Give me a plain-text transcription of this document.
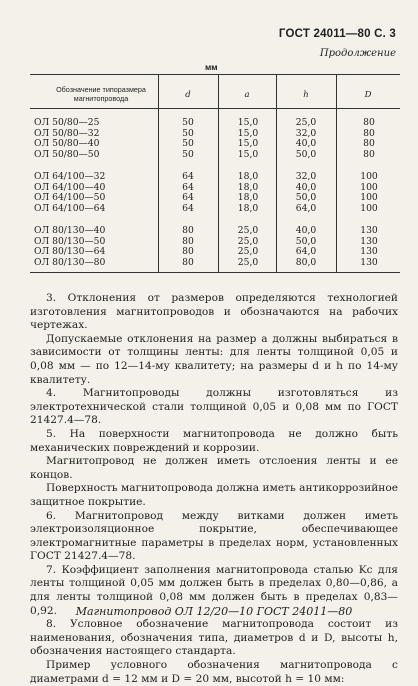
ГОСТ 24011—80 С. 3
Продолжение
мм
Обозначение типоразмера магнитопровода	d	a	h	D
ОЛ 50/80—25	50	15,0	25,0	80
ОЛ 50/80—32	50	15,0	32,0	80
ОЛ 50/80—40	50	15,0	40,0	80
ОЛ 50/80—50	50	15,0	50,0	80
ОЛ 64/100—32	64	18,0	32,0	100
ОЛ 64/100—40	64	18,0	40,0	100
ОЛ 64/100—50	64	18,0	50,0	100
ОЛ 64/100—64	64	18,0	64,0	100
ОЛ 80/130—40	80	25,0	40,0	130
ОЛ 80/130—50	80	25,0	50,0	130
ОЛ 80/130—64	80	25,0	64,0	130
ОЛ 80/130—80	80	25,0	80,0	130

3. Отклонения от размеров определяются технологией изготовления магнитопроводов и обозначаются на рабочих чертежах.

Допускаемые отклонения на размер a должны выбираться в зависимости от толщины ленты: для ленты толщиной 0,05 и 0,08 мм — по 12—14-му квалитету; на размеры d и h по 14-му квалитету.

4. Магнитопроводы должны изготовляться из электротехнической стали толщиной 0,05 и 0,08 мм по ГОСТ 21427.4—78.

5. На поверхности магнитопровода не должно быть механических повреждений и коррозии.

Магнитопровод не должен иметь отслоения ленты и ее концов.

Поверхность магнитопровода должна иметь антикоррозийное защитное покрытие.

6. Магнитопровод между витками должен иметь электроизоляционное покрытие, обеспечивающее электромагнитные параметры в пределах норм, установленных ГОСТ 21427.4—78.

7. Коэффициент заполнения магнитопровода сталью Kc для ленты толщиной 0,05 мм должен быть в пределах 0,80—0,86, а для ленты толщиной 0,08 мм должен быть в пределах 0,83—0,92.

8. Условное обозначение магнитопровода состоит из наименования, обозначения типа, диаметров d и D, высоты h, обозначения настоящего стандарта.

Пример условного обозначения магнитопровода с диаметрами d = 12 мм и D = 20 мм, высотой h = 10 мм:

Магнитопровод ОЛ 12/20—10 ГОСТ 24011—80
